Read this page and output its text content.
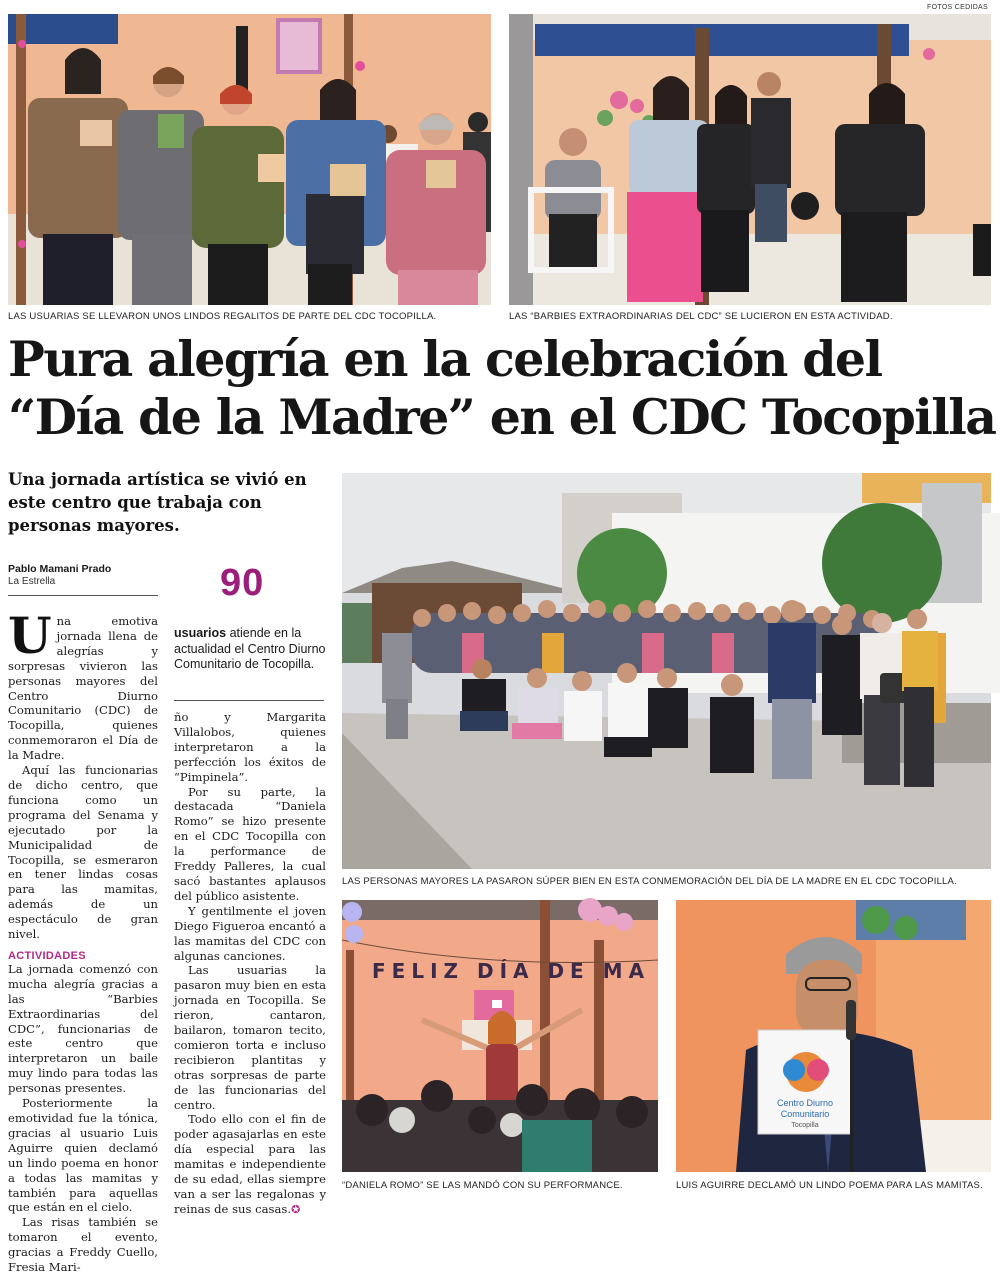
FOTOS CEDIDAS
LAS USUARIAS SE LLEVARON UNOS LINDOS REGALITOS DE PARTE DEL CDC TOCOPILLA.	LAS “BARBIES EXTRAORDINARIAS DEL CDC” SE LUCIERON EN ESTA ACTIVIDAD.
Pura alegría en la celebración del
“Día de la Madre” en el CDC Tocopilla
Una jornada artística se vivió en este centro que trabaja con personas mayores.
Pablo Mamani Prado
La Estrella	90
usuarios atiende en la actualidad el Centro Diurno Comunitario de Tocopilla.

Una emotiva jornada llena de alegrías y sorpresas vivieron las personas mayores del Centro Diurno Comunitario (CDC) de Tocopilla, quienes conmemoraron el Día de la Madre.

Aquí las funcionarias de dicho centro, que funciona como un programa del Senama y ejecutado por la Municipalidad de Tocopilla, se esmeraron en tener lindas cosas para las mamitas, además de un espectáculo de gran nivel.

ACTIVIDADES

La jornada comenzó con mucha alegría gracias a las “Barbies Extraordinarias del CDC”, funcionarias de este centro que interpretaron un baile muy lindo para todas las personas presentes.

Posteriormente la emotividad fue la tónica, gracias al usuario Luis Aguirre quien declamó un lindo poema en honor a todas las mamitas y también para aquellas que están en el cielo.

Las risas también se tomaron el evento, gracias a Freddy Cuello, Fresia Mari-

ño y Margarita Villalobos, quienes interpretaron a la perfección los éxitos de “Pimpinela”.

Por su parte, la destacada “Daniela Romo” se hizo presente en el CDC Tocopilla con la performance de Freddy Palleres, la cual sacó bastantes aplausos del público asistente.

Y gentilmente el joven Diego Figueroa encantó a las mamitas del CDC con algunas canciones.

Las usuarias la pasaron muy bien en esta jornada en Tocopilla. Se rieron, cantaron, bailaron, tomaron tecito, comieron torta e incluso recibieron plantitas y otras sorpresas de parte de las funcionarias del centro.

Todo ello con el fin de poder agasajarlas en este día especial para las mamitas e independiente de su edad, ellas siempre van a ser las regalonas y reinas de sus casas.✪

LAS PERSONAS MAYORES LA PASARON SÚPER BIEN EN ESTA CONMEMORACIÓN DEL DÍA DE LA MADRE EN EL CDC TOCOPILLA.
FELIZ DÍA DE MA
“DANIELA ROMO” SE LAS MANDÓ CON SU PERFORMANCE.
Centro Diurno
Comunitario
Tocopilla
LUIS AGUIRRE DECLAMÓ UN LINDO POEMA PARA LAS MAMITAS.
